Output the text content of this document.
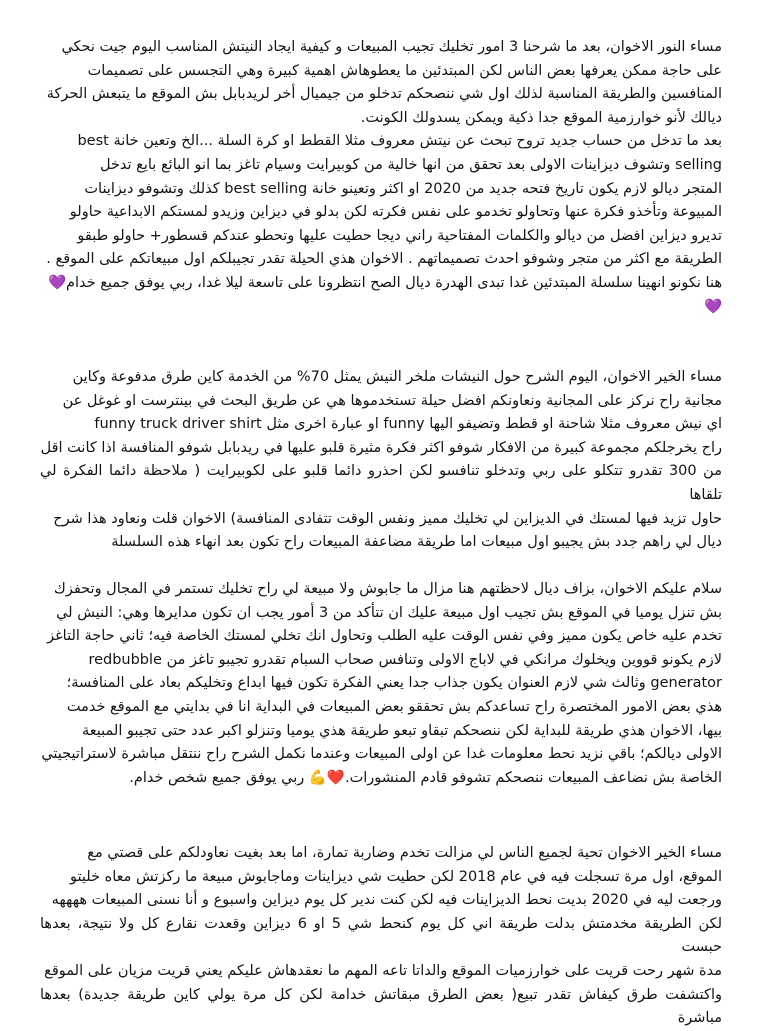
مساء النور الاخوان، بعد ما شرحنا 3 امور تخليك تجيب المبيعات و كيفية ايجاد النيتش المناسب اليوم جيت نحكي
على حاجة ممكن يعرفها بعض الناس لكن المبتدئين ما يعطوهاش اهمية كبيرة وهي التجسس على تصميمات
المنافسين والطريقة المناسبة لذلك اول شي ننصحكم تدخلو من جيميال أخر لريدبابل بش الموقع ما يتبعش الحركة
ديالك لأنو خوارزمية الموقع جدا ذكية ويمكن يسدولك الكونت.
بعد ما تدخل من حساب جديد تروح تبحث عن نيتش معروف مثلا القطط او كرة السلة ...الخ وتعين خانة best
selling وتشوف ديزاينات الاولى بعد تحقق من انها خالية من كوبيرايت وسيام تاغز بما انو البائع بايع تدخل
المتجر ديالو لازم يكون تاريخ فتحه جديد من 2020 او اكثر وتعينو خانة best selling كذلك وتشوفو ديزاينات
المبيوعة وتأخذو فكرة عنها وتحاولو تخدمو على نفس فكرته لكن بدلو في ديزاين وزيدو لمستكم الابداعية حاولو
تديرو ديزاين افضل من ديالو والكلمات المفتاحية راني ديجا حطيت عليها وتحطو عندكم قسطور+ حاولو طبقو
الطريقة مع اكثر من متجر وشوفو احدث تصميماتهم . الاخوان هذي الحيلة تقدر تجيبلكم اول مبيعاتكم على الموقع .
هنا نكونو انهينا سلسلة المبتدئين غدا تبدى الهدرة ديال الصح انتظرونا على تاسعة ليلا غدا، ربي يوفق جميع خدام💜
💜
مساء الخير الاخوان، اليوم الشرح حول النيشات ملخر النيش يمثل 70% من الخدمة كاين طرق مدفوعة وكاين
مجانية راح نركز على المجانية ونعاونكم افضل حيلة تستخدموها هي عن طريق البحث في بينترست او غوغل عن
اي نيش معروف مثلا شاحنة او قطط وتضيفو اليها funny او عبارة اخرى مثل funny truck driver shirt
راح يخرجلكم مجموعة كبيرة من الافكار شوفو اكثر فكرة مثيرة قلبو عليها في ريدبابل شوفو المنافسة اذا كانت اقل
من 300 تقدرو تتكلو على ربي وتدخلو تنافسو لكن احذرو دائما قلبو على لكوبيرايت ( ملاحظة دائما الفكرة لي تلقاها
حاول تزيد فيها لمستك في الديزاين لي تخليك مميز ونفس الوقت تتفادى المنافسة) الاخوان قلت ونعاود هذا شرح
ديال لي راهم جدد بش يجيبو اول مبيعات اما طريقة مضاعفة المبيعات راح تكون بعد انهاء هذه السلسلة
سلام عليكم الاخوان، بزاف ديال لاحظتهم هنا مزال ما جابوش ولا مبيعة لي راح تخليك تستمر في المجال وتحفزك
بش تنزل يوميا في الموقع بش تجيب اول مبيعة عليك ان تتأكد من 3 أمور يجب ان تكون مدايرها وهي: النيش لي
تخدم عليه خاص يكون مميز وفي نفس الوقت عليه الطلب وتحاول انك تخلي لمستك الخاصة فيه؛ ثاني حاجة التاغز
لازم يكونو قووين ويخلوك مرانكي في لاباج الاولى وتنافس صحاب السبام تقدرو تجيبو تاغز من redbubble
generator وثالث شي لازم العنوان يكون جذاب جدا يعني الفكرة تكون فيها ابداع وتخليكم بعاد على المنافسة؛
هذي بعض الامور المختصرة راح تساعدكم بش تحققو بعض المبيعات في البداية انا في بدايتي مع الموقع خدمت
بيها، الاخوان هذي طريقة للبداية لكن ننصحكم تبقاو تبعو طريقة هذي يوميا وتنزلو اكبر عدد حتى تجيبو المبيعة
الاولى ديالكم؛ باقي نزيد نحط معلومات غدا عن اولى المبيعات وعندما نكمل الشرح راح ننتقل مباشرة لاستراتيجيتي
الخاصة بش نضاعف المبيعات ننصحكم تشوفو قادم المنشورات.❤️💪 ربي يوفق جميع شخص خدام.
مساء الخير الاخوان تحية لجميع الناس لي مزالت تخدم وضاربة تمارة، اما بعد بغيت نعاودلكم على قصتي مع
الموقع، اول مرة تسجلت فيه في عام 2018 لكن حطيت شي ديزاينات وماجابوش مبيعة ما ركزتش معاه خليتو
ورجعت ليه في 2020 بديت نحط الديزاينات فيه لكن كنت ندير كل يوم ديزاين واسبوع و أنا نسنى المبيعات ههههه
لكن الطريقة مخدمتش بدلت طريقة اني كل يوم كنحط شي 5 او 6 ديزاين وقعدت نقارع كل ولا نتيجة، بعدها حبست
مدة شهر رحت قريت على خوارزميات الموقع والداتا تاعه المهم ما نعقدهاش عليكم يعني قريت مزيان على الموقع
واكتشفت طرق كيفاش تقدر تبيع( بعض الطرق مبقاتش خدامة لكن كل مرة يولي كاين طريقة جديدة) بعدها مباشرة
